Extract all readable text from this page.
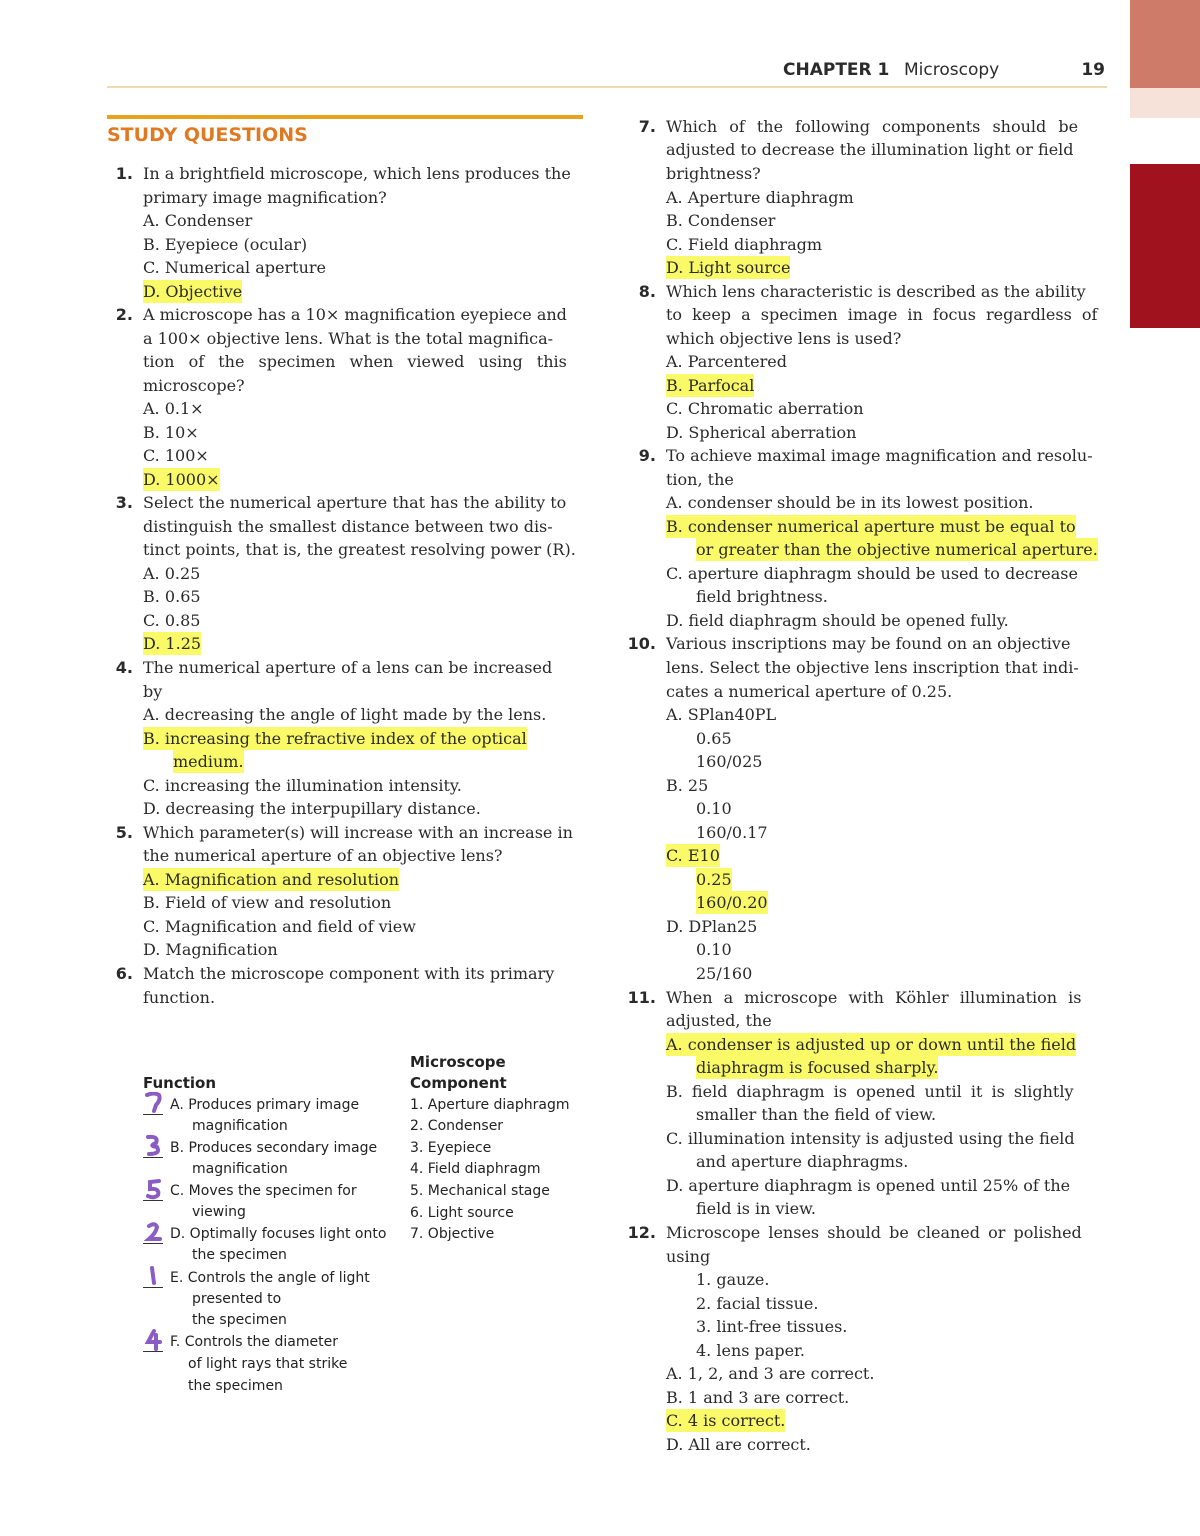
CHAPTER 1 Microscopy	19
STUDY QUESTIONS
1. In a brightfield microscope, which lens produces the
primary image magnification?
A. Condenser
B. Eyepiece (ocular)
C. Numerical aperture
D. Objective
2. A microscope has a 10× magnification eyepiece and
a 100× objective lens. What is the total magnifica-
tion of the specimen when viewed using this
microscope?
A. 0.1×
B. 10×
C. 100×
D. 1000×
3. Select the numerical aperture that has the ability to
distinguish the smallest distance between two dis-
tinct points, that is, the greatest resolving power (R).
A. 0.25
B. 0.65
C. 0.85
D. 1.25
4. The numerical aperture of a lens can be increased
by
A. decreasing the angle of light made by the lens.
B. increasing the refractive index of the optical
medium.
C. increasing the illumination intensity.
D. decreasing the interpupillary distance.
5. Which parameter(s) will increase with an increase in
the numerical aperture of an objective lens?
A. Magnification and resolution
B. Field of view and resolution
C. Magnification and field of view
D. Magnification
6. Match the microscope component with its primary
function.
Microscope
Component
Function
A. Produces primary image
magnification
B. Produces secondary image
magnification
C. Moves the specimen for
viewing
D. Optimally focuses light onto
the specimen
E. Controls the angle of light
presented to
the specimen
F. Controls the diameter
of light rays that strike
the specimen
1. Aperture diaphragm
2. Condenser
3. Eyepiece
4. Field diaphragm
5. Mechanical stage
6. Light source
7. Objective
7. Which of the following components should be
adjusted to decrease the illumination light or field
brightness?
A. Aperture diaphragm
B. Condenser
C. Field diaphragm
D. Light source
8. Which lens characteristic is described as the ability
to keep a specimen image in focus regardless of
which objective lens is used?
A. Parcentered
B. Parfocal
C. Chromatic aberration
D. Spherical aberration
9. To achieve maximal image magnification and resolu-
tion, the
A. condenser should be in its lowest position.
B. condenser numerical aperture must be equal to
or greater than the objective numerical aperture.
C. aperture diaphragm should be used to decrease
field brightness.
D. field diaphragm should be opened fully.
10. Various inscriptions may be found on an objective
lens. Select the objective lens inscription that indi-
cates a numerical aperture of 0.25.
A. SPlan40PL
0.65
160/025
B. 25
0.10
160/0.17
C. E10
0.25
160/0.20
D. DPlan25
0.10
25/160
11. When a microscope with Köhler illumination is
adjusted, the
A. condenser is adjusted up or down until the field
diaphragm is focused sharply.
B. field diaphragm is opened until it is slightly
smaller than the field of view.
C. illumination intensity is adjusted using the field
and aperture diaphragms.
D. aperture diaphragm is opened until 25% of the
field is in view.
12. Microscope lenses should be cleaned or polished
using
1. gauze.
2. facial tissue.
3. lint-free tissues.
4. lens paper.
A. 1, 2, and 3 are correct.
B. 1 and 3 are correct.
C. 4 is correct.
D. All are correct.
